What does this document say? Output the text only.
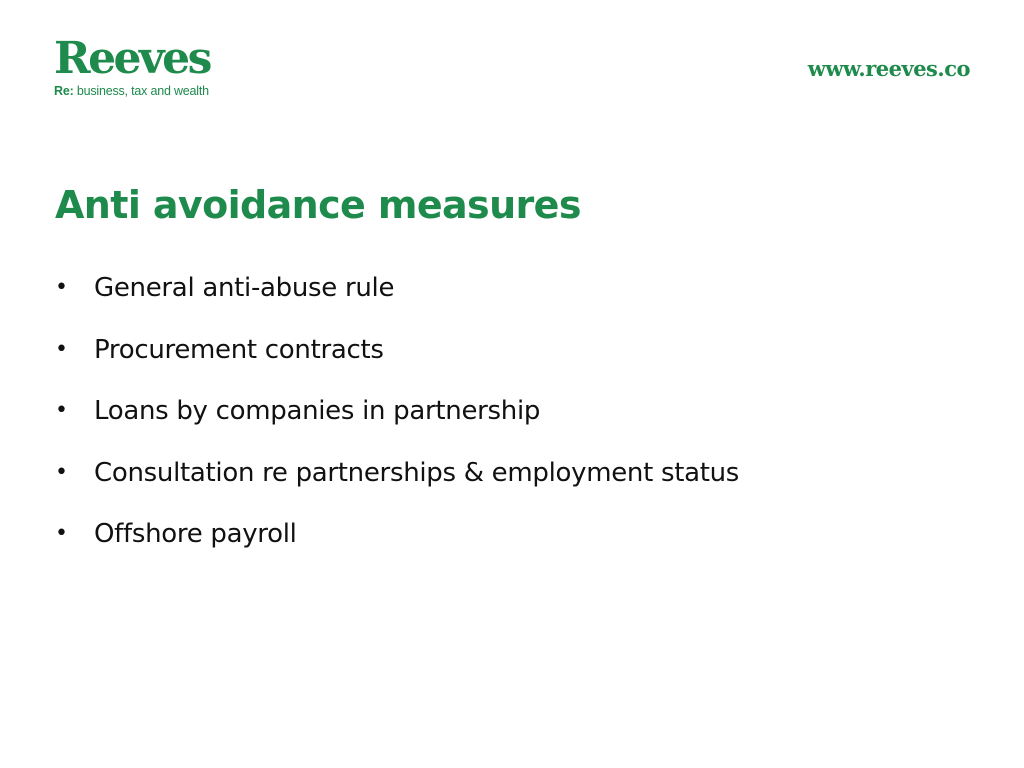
Reeves
Re: business, tax and wealth
www.reeves.co
Anti avoidance measures
•	General anti-abuse rule
•	Procurement contracts
•	Loans by companies in partnership
•	Consultation re partnerships & employment status
•	Offshore payroll
